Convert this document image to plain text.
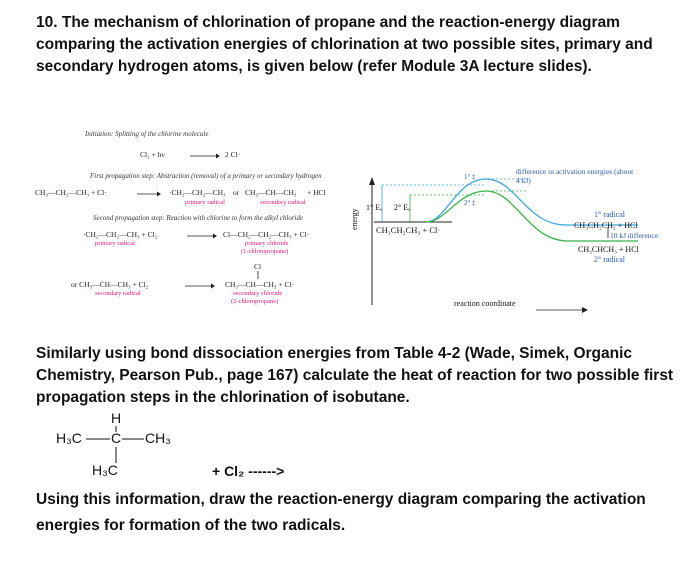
10. The mechanism of chlorination of propane and the reaction-energy diagram comparing the activation energies of chlorination at two possible sites, primary and secondary hydrogen atoms, is given below (refer Module 3A lecture slides).
Initiation: Splitting of the chlorine molecule
Cl₂ + hν	2 Cl·
First propagation step: Abstraction (removal) of a primary or secondary hydrogen
CH₃—CH₂—CH₃ + Cl·	·CH₂—CH₂—CH₃ or CH₃—ĊH—CH₃ + HCl
primary radical	secondary radical
Second propagation step: Reaction with chlorine to form the alkyl chloride
·CH₂—CH₂—CH₃ + Cl₂	Cl—CH₂—CH₂—CH₃ + Cl·
primary radical	primary chloride
(1-chloropropane)
Cl
or CH₃—ĊH—CH₃ + Cl₂	CH₃—CH—CH₃ + Cl·
secondary radical	secondary chloride
(2-chloropropane)
energy
reaction coordinate
CH₃CH₂CH₃ + Cl·
1° Eₐ 2° Eₐ
1° ‡
2° ‡
difference in activation energies (about 4 kJ)
1° radical
CH₃CH₂CH₂ + HCl
10 kJ difference
CH₃CHCH₃ + HCl
2° radical
Similarly using bond dissociation energies from Table 4-2 (Wade, Simek, Organic Chemistry, Pearson Pub., page 167) calculate the heat of reaction for two possible first propagation steps in the chlorination of isobutane.
H
H₃C C CH₃
H₃C	+ Cl₂ ------>
Using this information, draw the reaction-energy diagram comparing the activation energies for formation of the two radicals.
